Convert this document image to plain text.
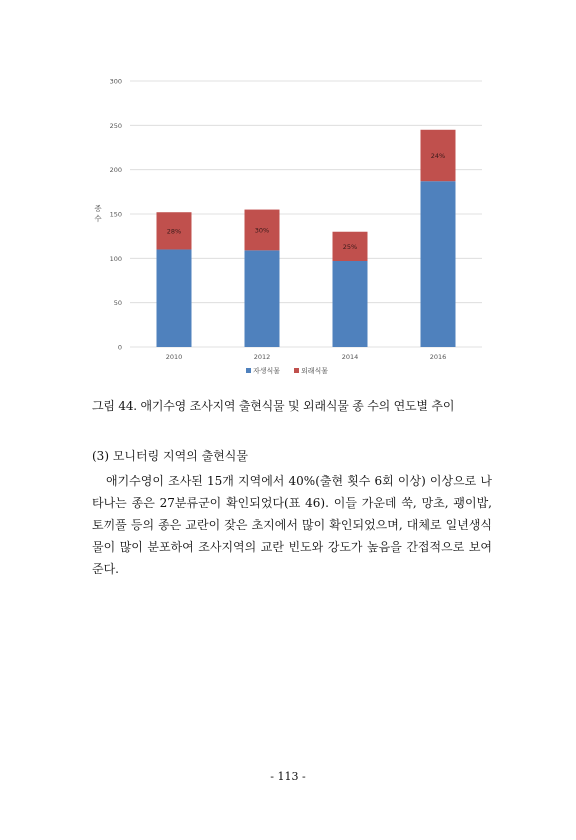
0
50
100
150
200
250
300
종
수
28%	30%
25%
24%
2010	2012	2014	2016
자생식물	외래식물
그림 44. 애기수영 조사지역 출현식물 및 외래식물 종 수의 연도별 추이
(3) 모니터링 지역의 출현식물
애기수영이 조사된 15개 지역에서 40%(출현 횟수 6회 이상) 이상으로 나타나는 종은 27분류군이 확인되었다(표 46). 이들 가운데 쑥, 망초, 괭이밥, 토끼풀 등의 종은 교란이 잦은 초지에서 많이 확인되었으며, 대체로 일년생식물이 많이 분포하여 조사지역의 교란 빈도와 강도가 높음을 간접적으로 보여준다.
- 113 -
